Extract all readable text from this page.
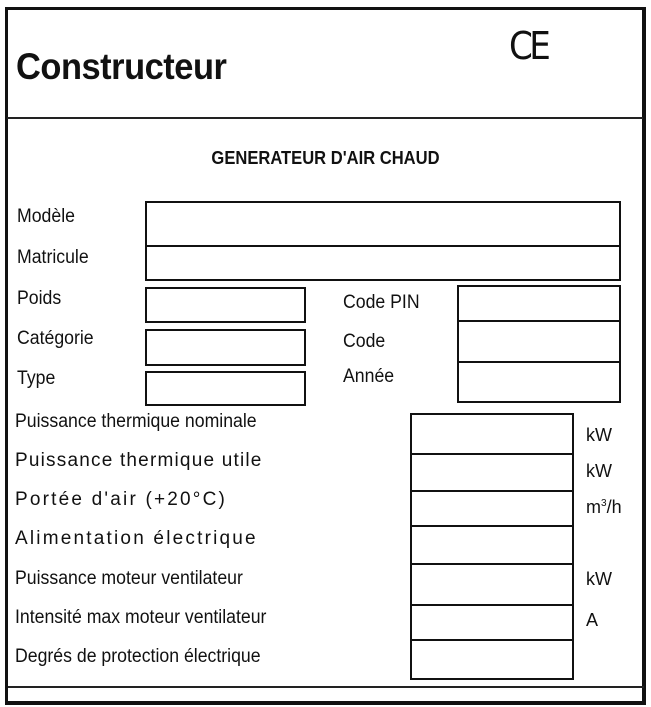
Constructeur	CE
GENERATEUR D'AIR CHAUD
Modèle
Matricule
Poids
Catégorie
Type
Code PIN
Code
Année
Puissance thermique nominale
Puissance thermique utile
Portée d'air (+20°C)
Alimentation électrique
Puissance moteur ventilateur
Intensité max moteur ventilateur
Degrés de protection électrique
kW
kW
$m^3/h$
kW
A
